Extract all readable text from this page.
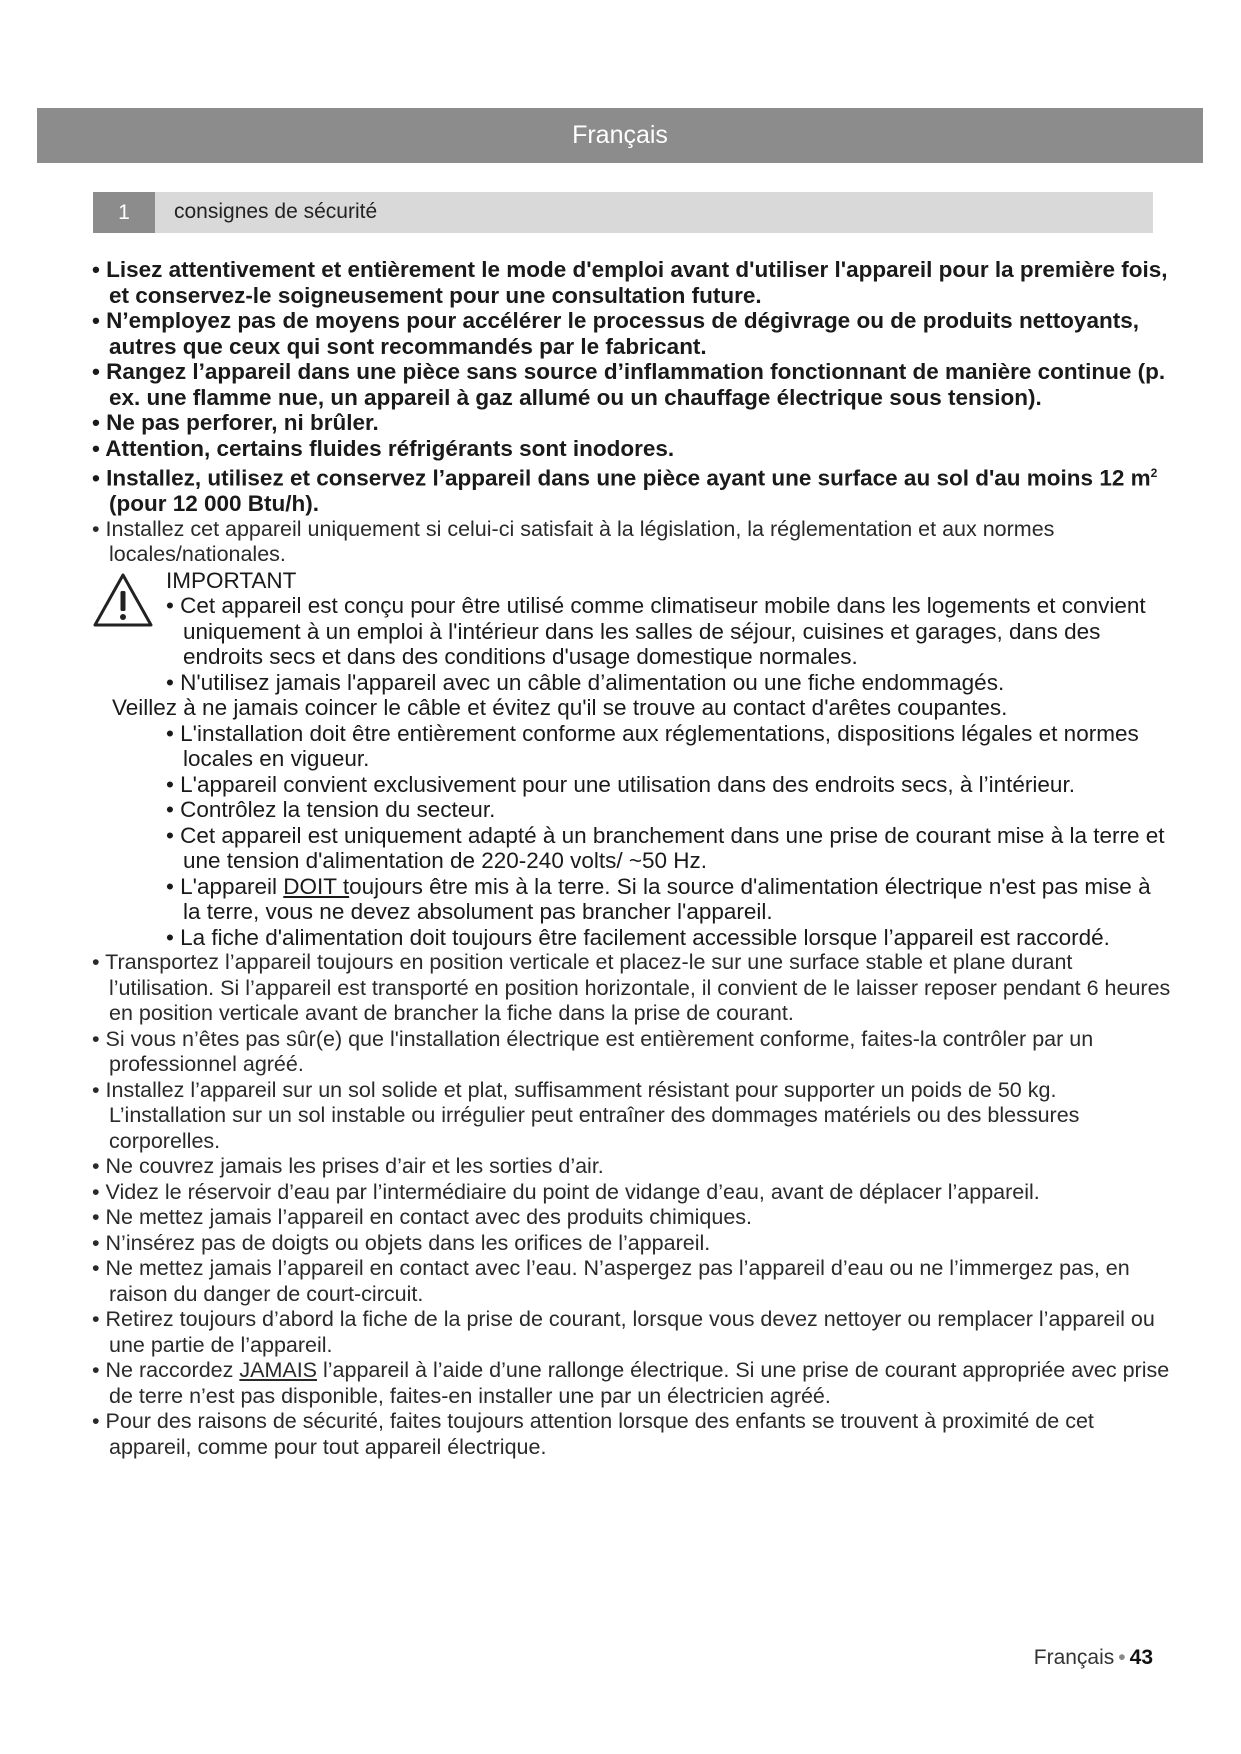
Français
1	consignes de sécurité
• Lisez attentivement et entièrement le mode d'emploi avant d'utiliser l'appareil pour la première fois, et conservez-le soigneusement pour une consultation future.
• N’employez pas de moyens pour accélérer le processus de dégivrage ou de produits nettoyants, autres que ceux qui sont recommandés par le fabricant.
• Rangez l’appareil dans une pièce sans source d’inflammation fonctionnant de manière continue (p. ex. une flamme nue, un appareil à gaz allumé ou un chauffage électrique sous tension).
• Ne pas perforer, ni brûler.
• Attention, certains fluides réfrigérants sont inodores.
• Installez, utilisez et conservez l’appareil dans une pièce ayant une surface au sol d'au moins 12 $m^2$ (pour 12 000 Btu/h).
• Installez cet appareil uniquement si celui-ci satisfait à la législation, la réglementation et aux normes locales/nationales.
IMPORTANT
• Cet appareil est conçu pour être utilisé comme climatiseur mobile dans les logements et convient uniquement à un emploi à l'intérieur dans les salles de séjour, cuisines et garages, dans des endroits secs et dans des conditions d'usage domestique normales.
• N'utilisez jamais l'appareil avec un câble d’alimentation ou une fiche endommagés.
Veillez à ne jamais coincer le câble et évitez qu'il se trouve au contact d'arêtes coupantes.
• L'installation doit être entièrement conforme aux réglementations, dispositions légales et normes locales en vigueur.
• L'appareil convient exclusivement pour une utilisation dans des endroits secs, à l’intérieur.
• Contrôlez la tension du secteur.
• Cet appareil est uniquement adapté à un branchement dans une prise de courant mise à la terre et une tension d'alimentation de 220-240 volts/ ~50 Hz.
• L'appareil DOIT toujours être mis à la terre. Si la source d'alimentation électrique n'est pas mise à la terre, vous ne devez absolument pas brancher l'appareil.
• La fiche d'alimentation doit toujours être facilement accessible lorsque l’appareil est raccordé.
• Transportez l’appareil toujours en position verticale et placez-le sur une surface stable et plane durant l’utilisation. Si l’appareil est transporté en position horizontale, il convient de le laisser reposer pendant 6 heures en position verticale avant de brancher la fiche dans la prise de courant.
• Si vous n’êtes pas sûr(e) que l'installation électrique est entièrement conforme, faites-la contrôler par un professionnel agréé.
• Installez l’appareil sur un sol solide et plat, suffisamment résistant pour supporter un poids de 50 kg. L’installation sur un sol instable ou irrégulier peut entraîner des dommages matériels ou des blessures corporelles.
• Ne couvrez jamais les prises d’air et les sorties d’air.
• Videz le réservoir d’eau par l’intermédiaire du point de vidange d’eau, avant de déplacer l’appareil.
• Ne mettez jamais l’appareil en contact avec des produits chimiques.
• N’insérez pas de doigts ou objets dans les orifices de l’appareil.
• Ne mettez jamais l’appareil en contact avec l’eau. N’aspergez pas l’appareil d’eau ou ne l’immergez pas, en raison du danger de court-circuit.
• Retirez toujours d’abord la fiche de la prise de courant, lorsque vous devez nettoyer ou remplacer l’appareil ou une partie de l’appareil.
• Ne raccordez JAMAIS l’appareil à l’aide d’une rallonge électrique. Si une prise de courant appropriée avec prise de terre n’est pas disponible, faites-en installer une par un électricien agréé.
• Pour des raisons de sécurité, faites toujours attention lorsque des enfants se trouvent à proximité de cet appareil, comme pour tout appareil électrique.
Français • 43
